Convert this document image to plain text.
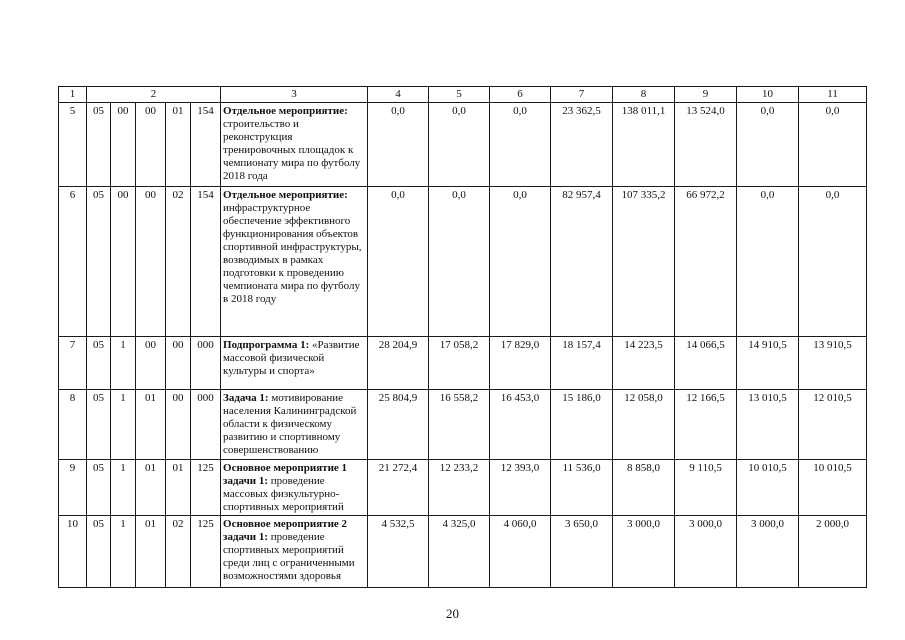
1	2					3	4	5	6	7	8	9	10	11
5	05	00	00	01	154	Отдельное мероприятие: строительство и реконструкция тренировочных площадок к чемпионату мира по футболу 2018 года	0,0	0,0	0,0	23 362,5	138 011,1	13 524,0	0,0	0,0
6	05	00	00	02	154	Отдельное мероприятие: инфраструктурное обеспечение эффективного функционирования объектов спортивной инфраструктуры, возводимых в рамках подготовки к проведению чемпионата мира по футболу в 2018 году	0,0	0,0	0,0	82 957,4	107 335,2	66 972,2	0,0	0,0
7	05	1	00	00	000	Подпрограмма 1: «Развитие массовой физической культуры и спорта»	28 204,9	17 058,2	17 829,0	18 157,4	14 223,5	14 066,5	14 910,5	13 910,5
8	05	1	01	00	000	Задача 1: мотивирование населения Калининградской области к физическому развитию и спортивному совершенствованию	25 804,9	16 558,2	16 453,0	15 186,0	12 058,0	12 166,5	13 010,5	12 010,5
9	05	1	01	01	125	Основное мероприятие 1 задачи 1: проведение массовых физкультурно-спортивных мероприятий	21 272,4	12 233,2	12 393,0	11 536,0	8 858,0	9 110,5	10 010,5	10 010,5
10	05	1	01	02	125	Основное мероприятие 2 задачи 1: проведение спортивных мероприятий среди лиц с ограниченными возможностями здоровья	4 532,5	4 325,0	4 060,0	3 650,0	3 000,0	3 000,0	3 000,0	2 000,0
20
